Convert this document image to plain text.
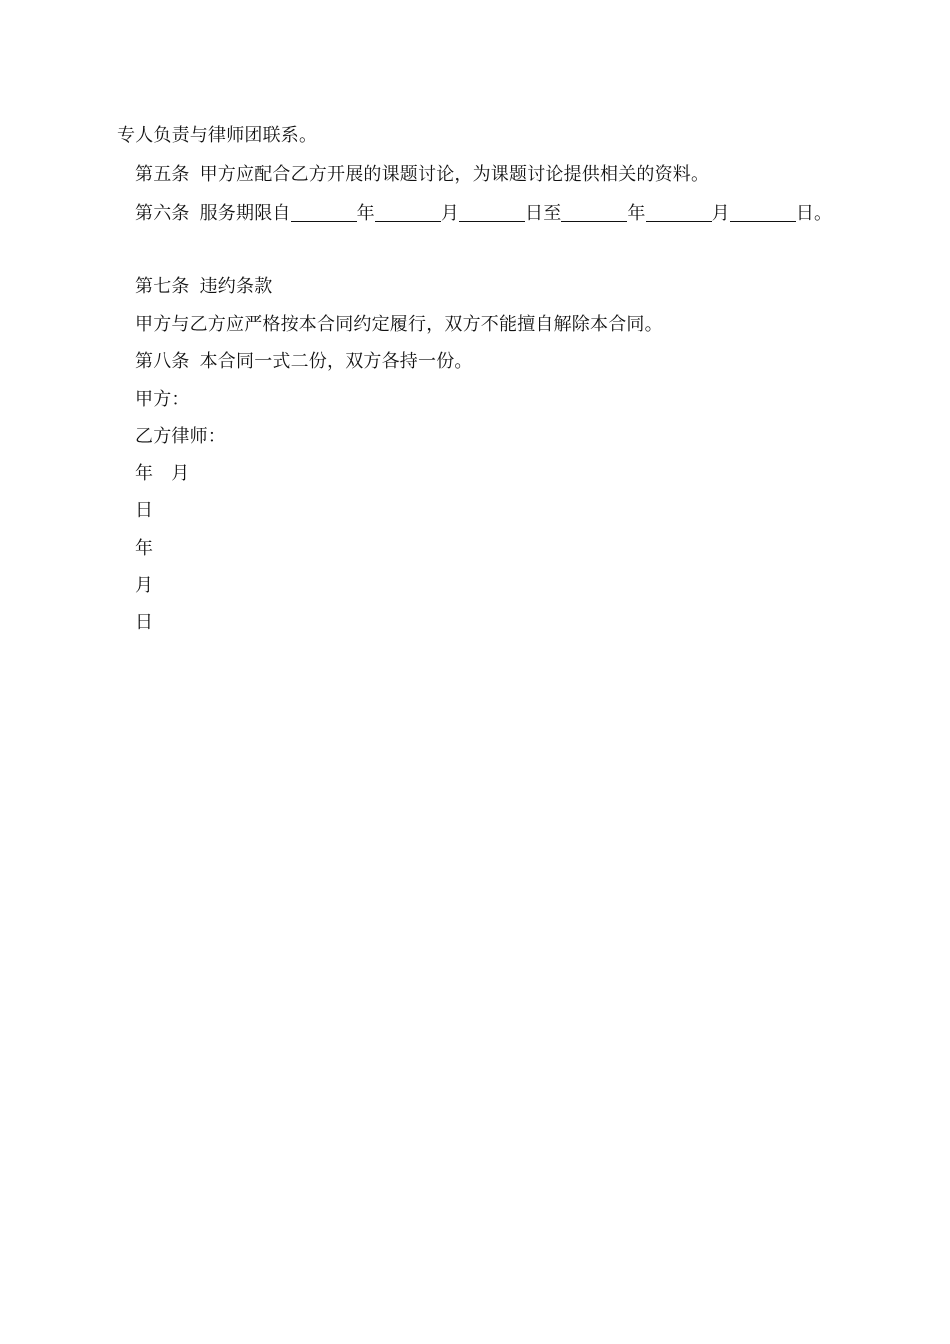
专人负责与律师团联系。
第五条 甲方应配合乙方开展的课题讨论，为课题讨论提供相关的资料。
第六条 服务期限自	年	月	日至	年	月	日。
第七条 违约条款
甲方与乙方应严格按本合同约定履行，双方不能擅自解除本合同。
第八条 本合同一式二份，双方各持一份。
甲方：
乙方律师：
年 月
日
年
月
日
